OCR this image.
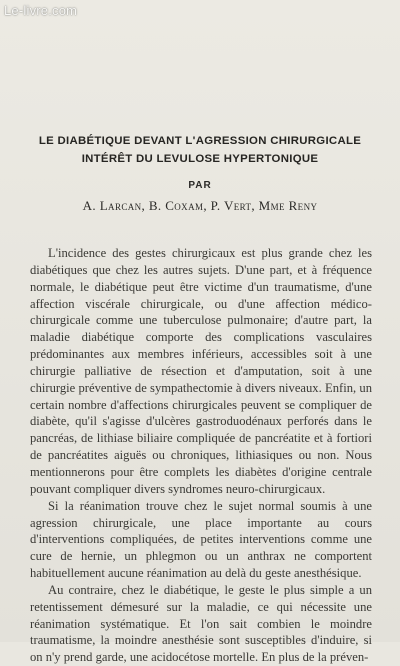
Le-livre.com
LE DIABÉTIQUE DEVANT L'AGRESSION CHIRURGICALE
INTÉRÊT DU LEVULOSE HYPERTONIQUE
PAR
A. Larcan, B. Coxam, P. Vert, Mme Reny

L'incidence des gestes chirurgicaux est plus grande chez les diabétiques que chez les autres sujets. D'une part, et à fréquence normale, le diabétique peut être victime d'un traumatisme, d'une affection viscérale chirurgicale, ou d'une affection médico-chirurgicale comme une tuberculose pulmonaire; d'autre part, la maladie diabétique comporte des complications vasculaires prédominantes aux membres inférieurs, accessibles soit à une chirurgie palliative de résection et d'amputation, soit à une chirurgie préventive de sympathectomie à divers niveaux. Enfin, un certain nombre d'affections chirurgicales peuvent se compliquer de diabète, qu'il s'agisse d'ulcères gastroduodénaux perforés dans le pancréas, de lithiase biliaire compliquée de pancréatite et à fortiori de pancréatites aiguës ou chroniques, lithiasiques ou non. Nous mentionnerons pour être complets les diabètes d'origine centrale pouvant compliquer divers syndromes neuro-chirurgicaux.

Si la réanimation trouve chez le sujet normal soumis à une agression chirurgicale, une place importante au cours d'interventions compliquées, de petites interventions comme une cure de hernie, un phlegmon ou un anthrax ne comportent habituellement aucune réanimation au delà du geste anesthésique.

Au contraire, chez le diabétique, le geste le plus simple a un retentissement démesuré sur la maladie, ce qui nécessite une réanimation systématique. Et l'on sait combien le moindre traumatisme, la moindre anesthésie sont susceptibles d'induire, si on n'y prend garde, une acidocétose mortelle. En plus de la préven-
